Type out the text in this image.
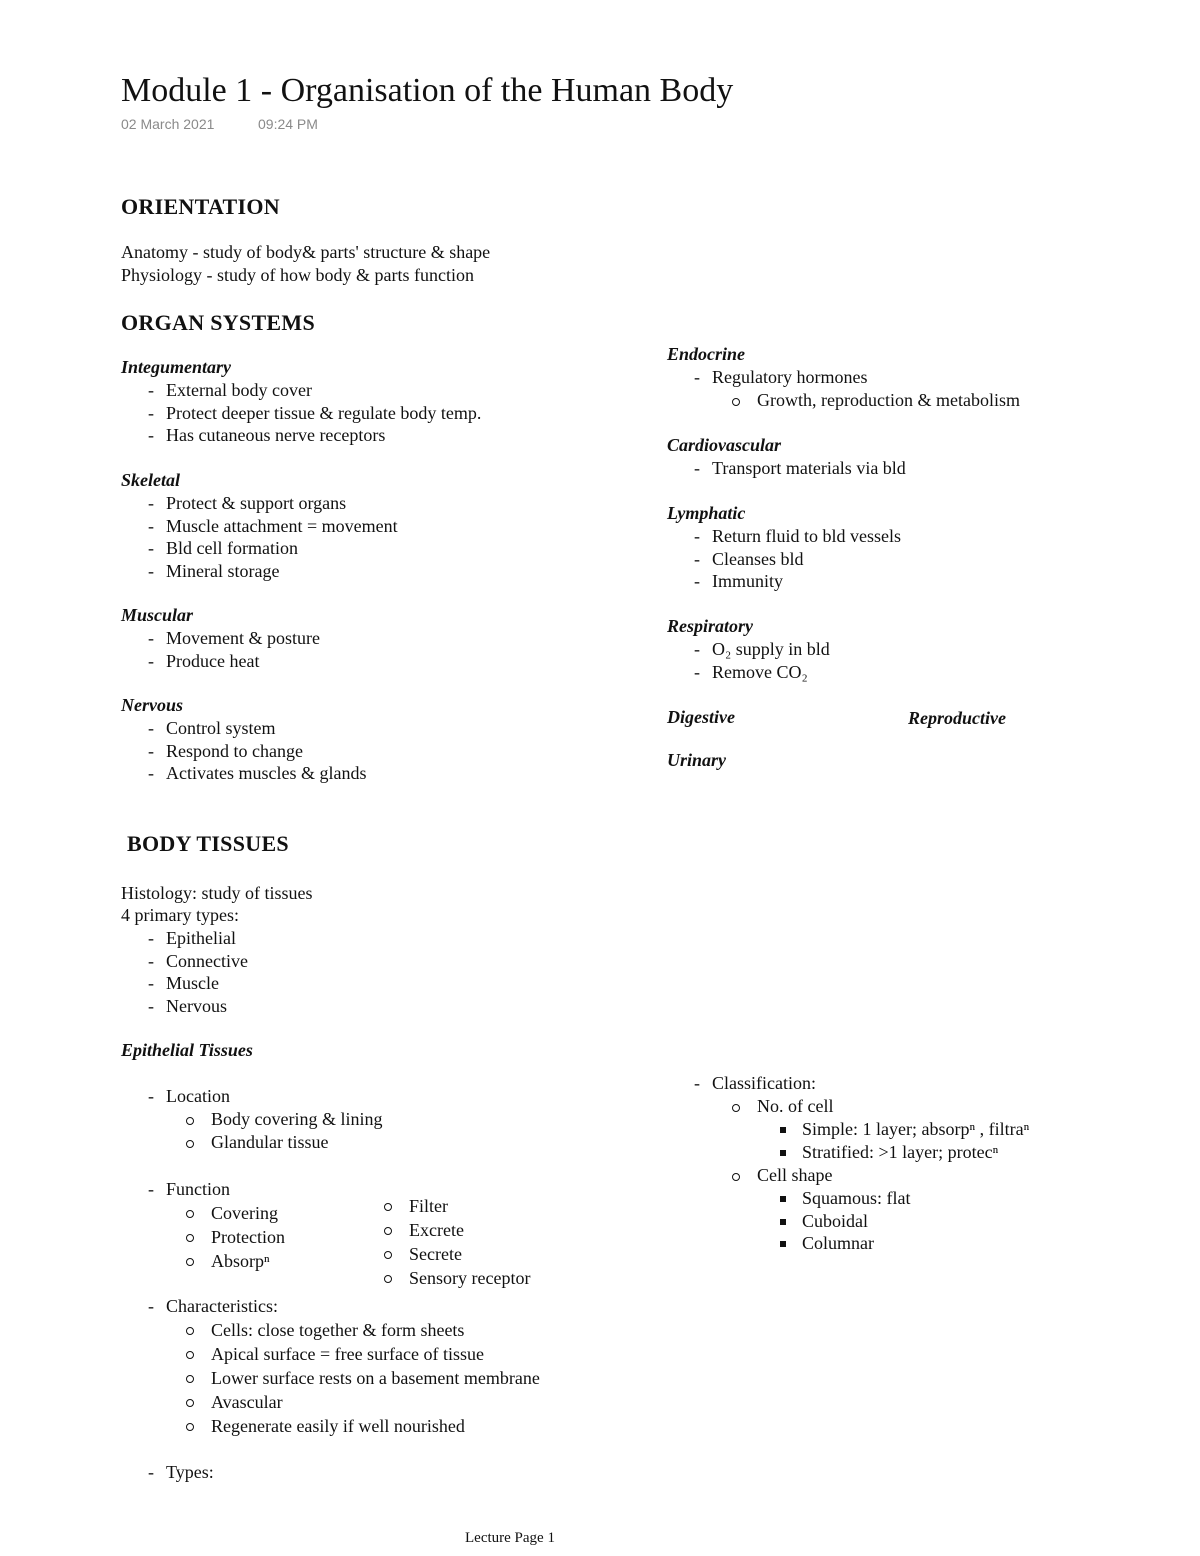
Module 1 - Organisation of the Human Body
02 March 2021	09:24 PM
ORIENTATION
Anatomy - study of body& parts' structure & shape
Physiology - study of how body & parts function
ORGAN SYSTEMS
Integumentary
- External body cover
- Protect deeper tissue & regulate body temp.
- Has cutaneous nerve receptors
Skeletal
- Protect & support organs
- Muscle attachment = movement
- Bld cell formation
- Mineral storage
Muscular
- Movement & posture
- Produce heat
Nervous
- Control system
- Respond to change
- Activates muscles & glands
Endocrine
- Regulatory hormones
Growth, reproduction & metabolism
Cardiovascular
- Transport materials via bld
Lymphatic
- Return fluid to bld vessels
- Cleanses bld
- Immunity
Respiratory
- O₂ supply in bld
- Remove CO₂
Digestive	Reproductive
Urinary
BODY TISSUES
Histology: study of tissues
4 primary types:
- Epithelial
- Connective
- Muscle
- Nervous
Epithelial Tissues
- Location
Body covering & lining
Glandular tissue
- Function
Covering
Protection
Absorpⁿ
Filter
Excrete
Secrete
Sensory receptor
- Characteristics:
Cells: close together & form sheets
Apical surface = free surface of tissue
Lower surface rests on a basement membrane
Avascular
Regenerate easily if well nourished
- Types:
- Classification:
No. of cell
Simple: 1 layer; absorpⁿ , filtraⁿ
Stratified: >1 layer; protecⁿ
Cell shape
Squamous: flat
Cuboidal
Columnar
Lecture Page 1
